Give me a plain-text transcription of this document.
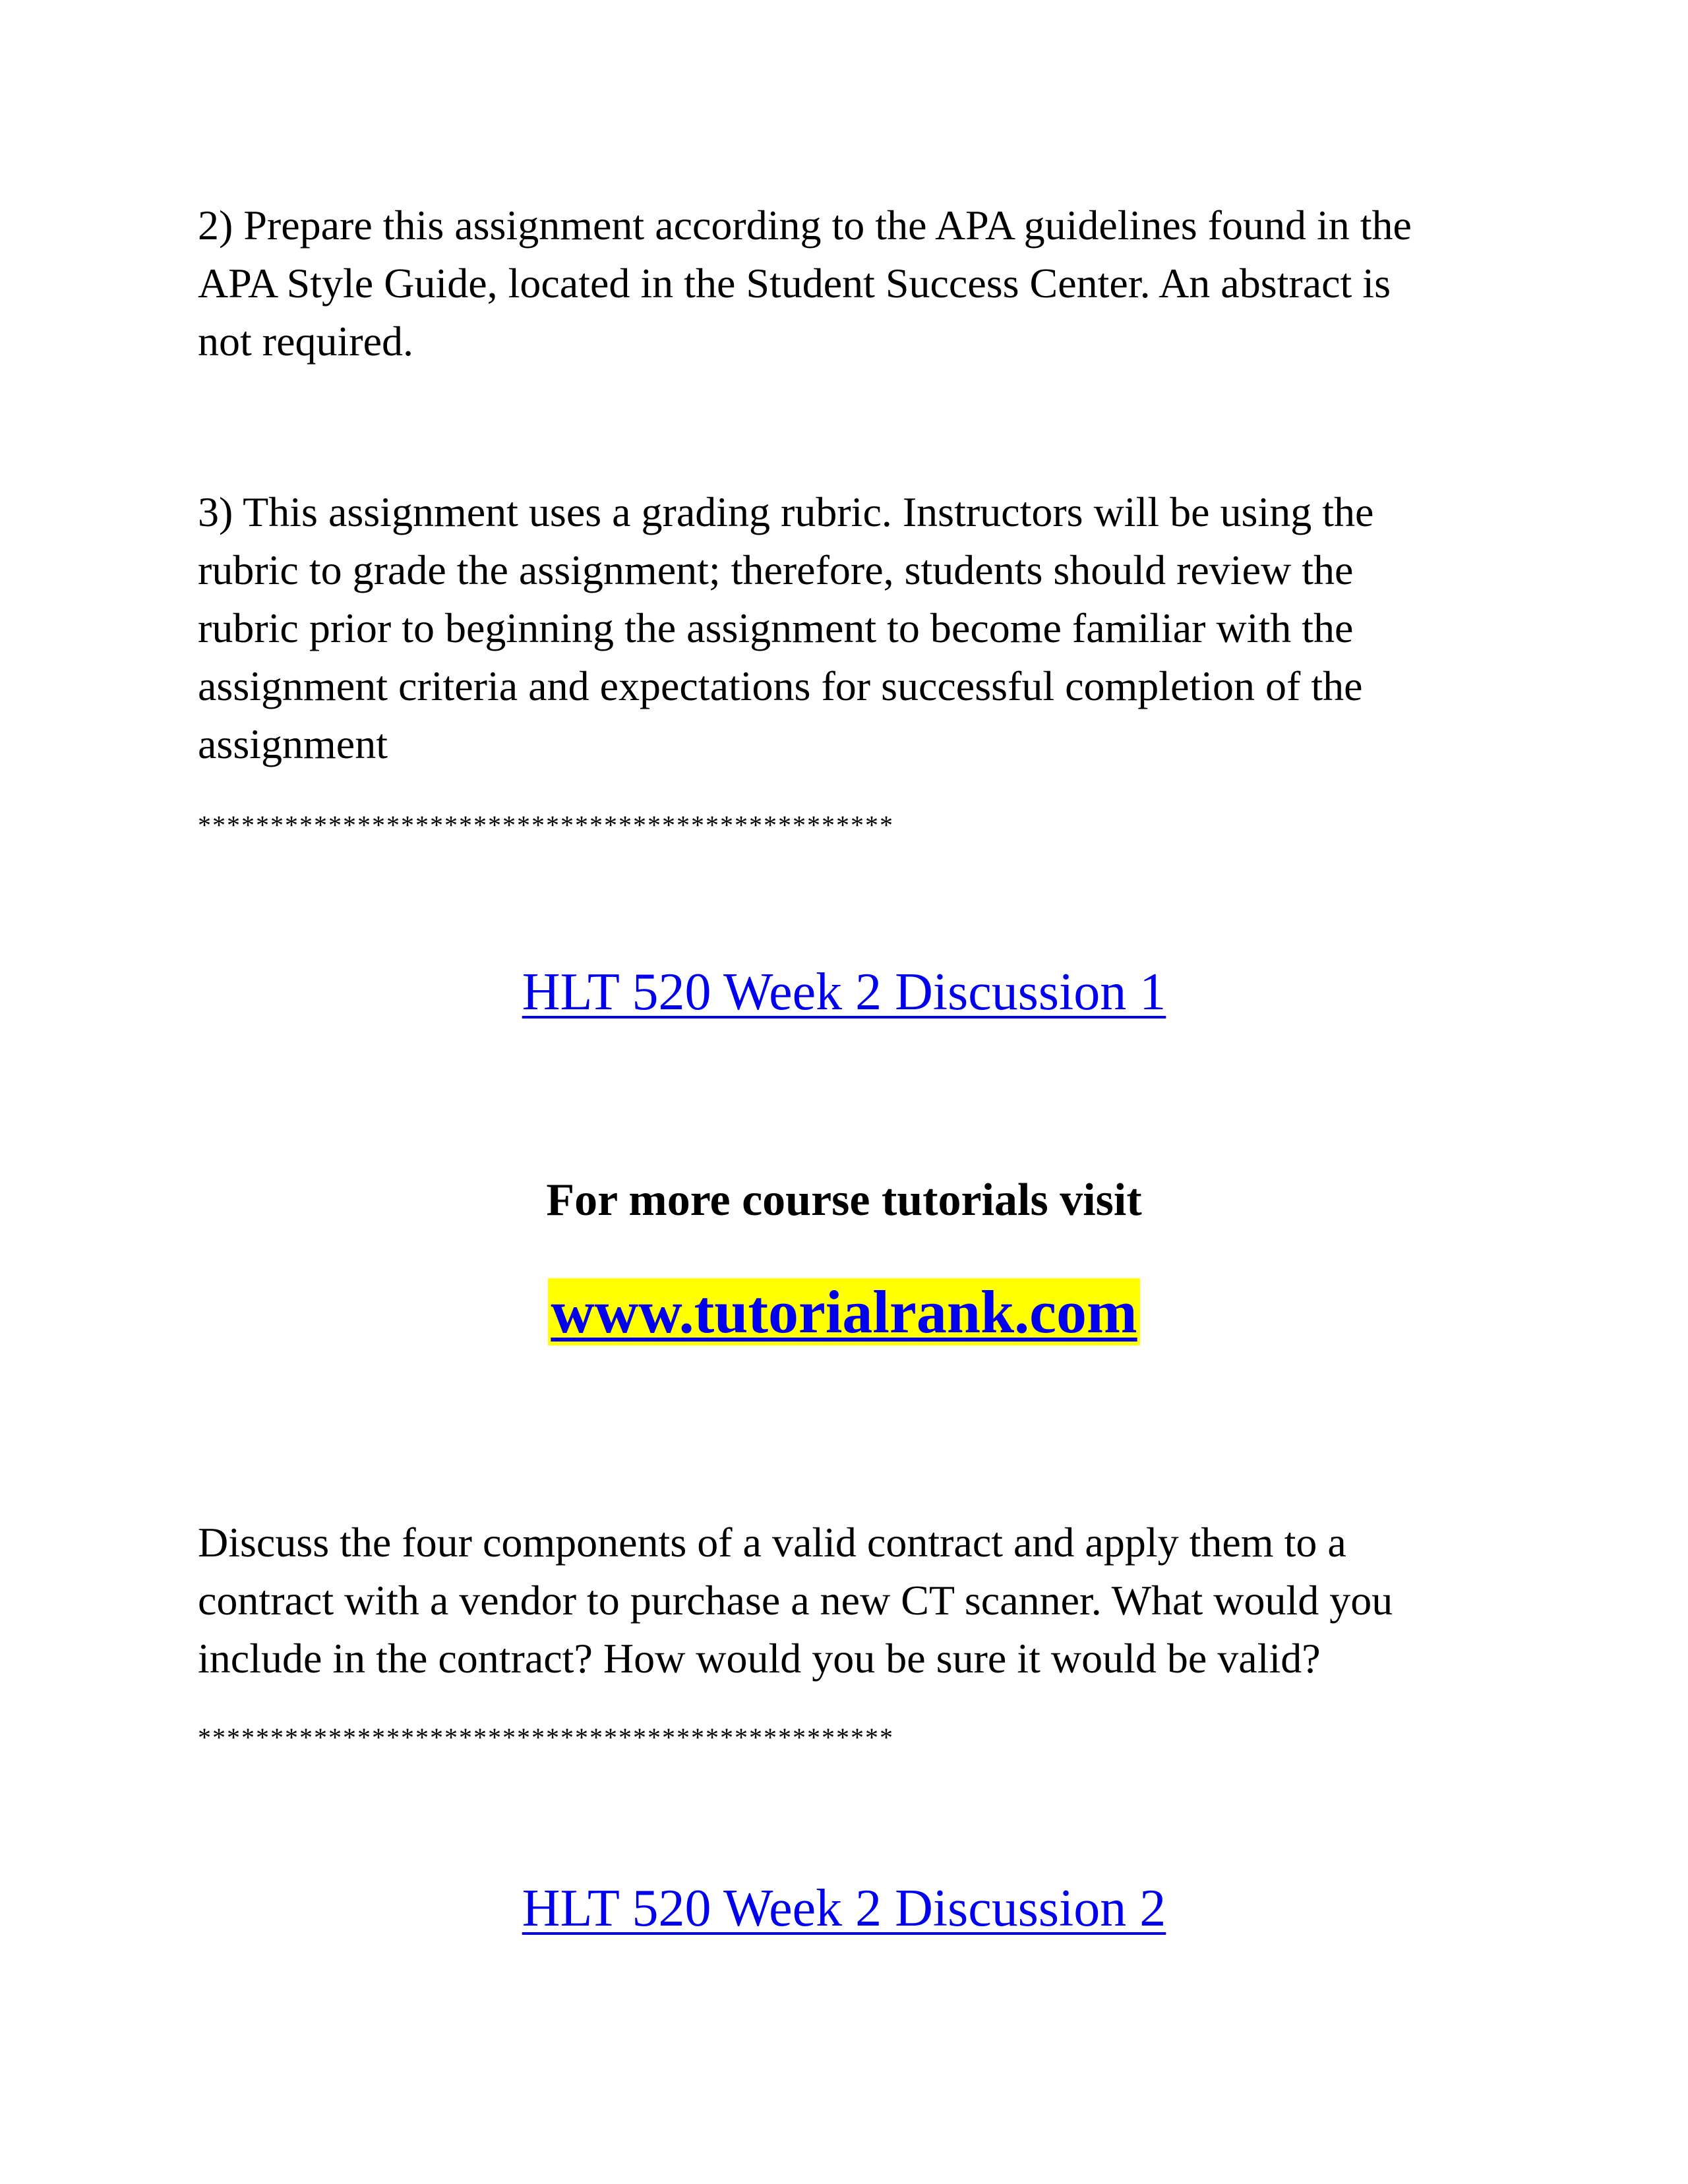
2) Prepare this assignment according to the APA guidelines found in the
APA Style Guide, located in the Student Success Center. An abstract is
not required.

3) This assignment uses a grading rubric. Instructors will be using the
rubric to grade the assignment; therefore, students should review the
rubric prior to beginning the assignment to become familiar with the
assignment criteria and expectations for successful completion of the
assignment

************************************************

HLT 520 Week 2 Discussion 1

For more course tutorials visit

www.tutorialrank.com

Discuss the four components of a valid contract and apply them to a
contract with a vendor to purchase a new CT scanner. What would you
include in the contract? How would you be sure it would be valid?

************************************************

HLT 520 Week 2 Discussion 2
